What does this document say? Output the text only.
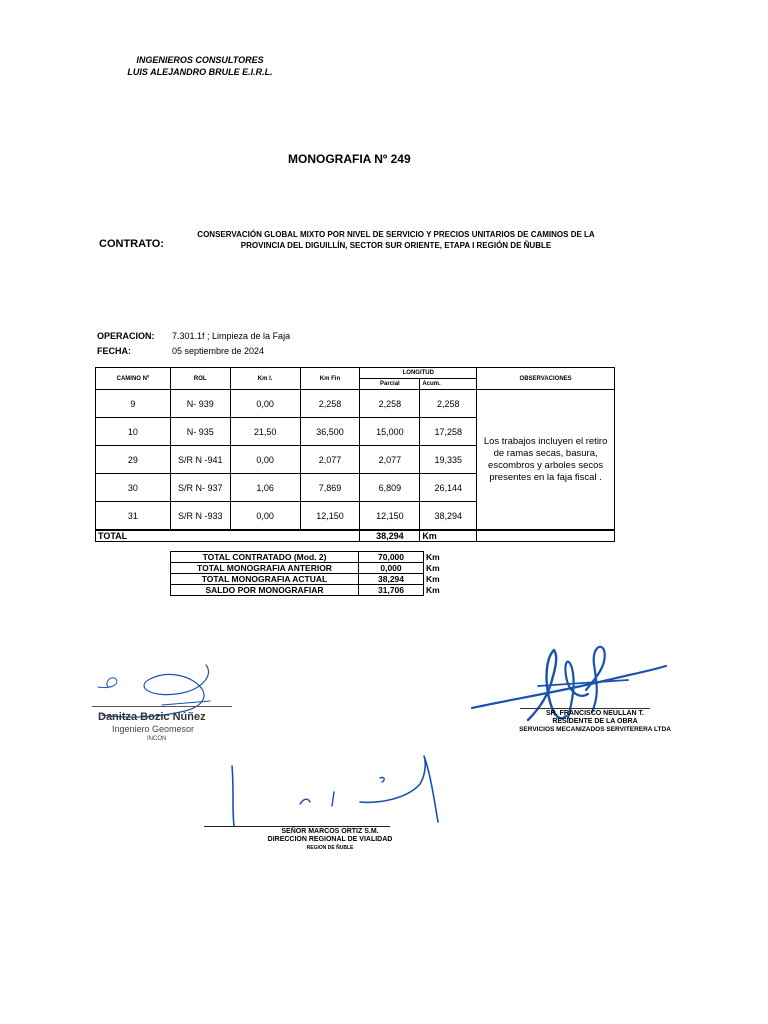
INGENIEROS CONSULTORES
LUIS ALEJANDRO BRULE E.I.R.L.
MONOGRAFIA Nº 249
CONTRATO:
CONSERVACIÓN GLOBAL MIXTO POR NIVEL DE SERVICIO Y PRECIOS UNITARIOS DE CAMINOS DE LA PROVINCIA DEL DIGUILLÍN, SECTOR SUR ORIENTE, ETAPA I REGIÓN DE ÑUBLE
OPERACION: 7.301.1f ; Limpieza de la Faja
FECHA:	05 septiembre de 2024
CAMINO Nº	ROL	Km I.	Km Fin	LONGITUD		OBSERVACIONES
				Parcial	Acum.	
9	N- 939	0,00	2,258	2,258	2,258	Los trabajos incluyen el retiro de ramas secas, basura, escombros y arboles secos presentes en la faja fiscal .
10	N- 935	21,50	36,500	15,000	17,258	
29	S/R N -941	0,00	2,077	2,077	19,335	
30	S/R N- 937	1,06	7,869	6,809	26,144	
31	S/R N -933	0,00	12,150	12,150	38,294	
TOTAL				38,294	Km	
TOTAL CONTRATADO (Mod. 2)	70,000	Km
TOTAL MONOGRAFIA ANTERIOR	0,000	Km
TOTAL MONOGRAFIA ACTUAL	38,294	Km
SALDO POR MONOGRAFIAR	31,706	Km
Danitza Bozic Núñez
Ingeniero Geomesor
INCON
SR. FRANCISCO NEULLAN T.
RESIDENTE DE LA OBRA
SERVICIOS MECANIZADOS SERVITERERA LTDA
SEÑOR MARCOS ORTIZ S.M.
DIRECCION REGIONAL DE VIALIDAD
REGION DE ÑUBLE
